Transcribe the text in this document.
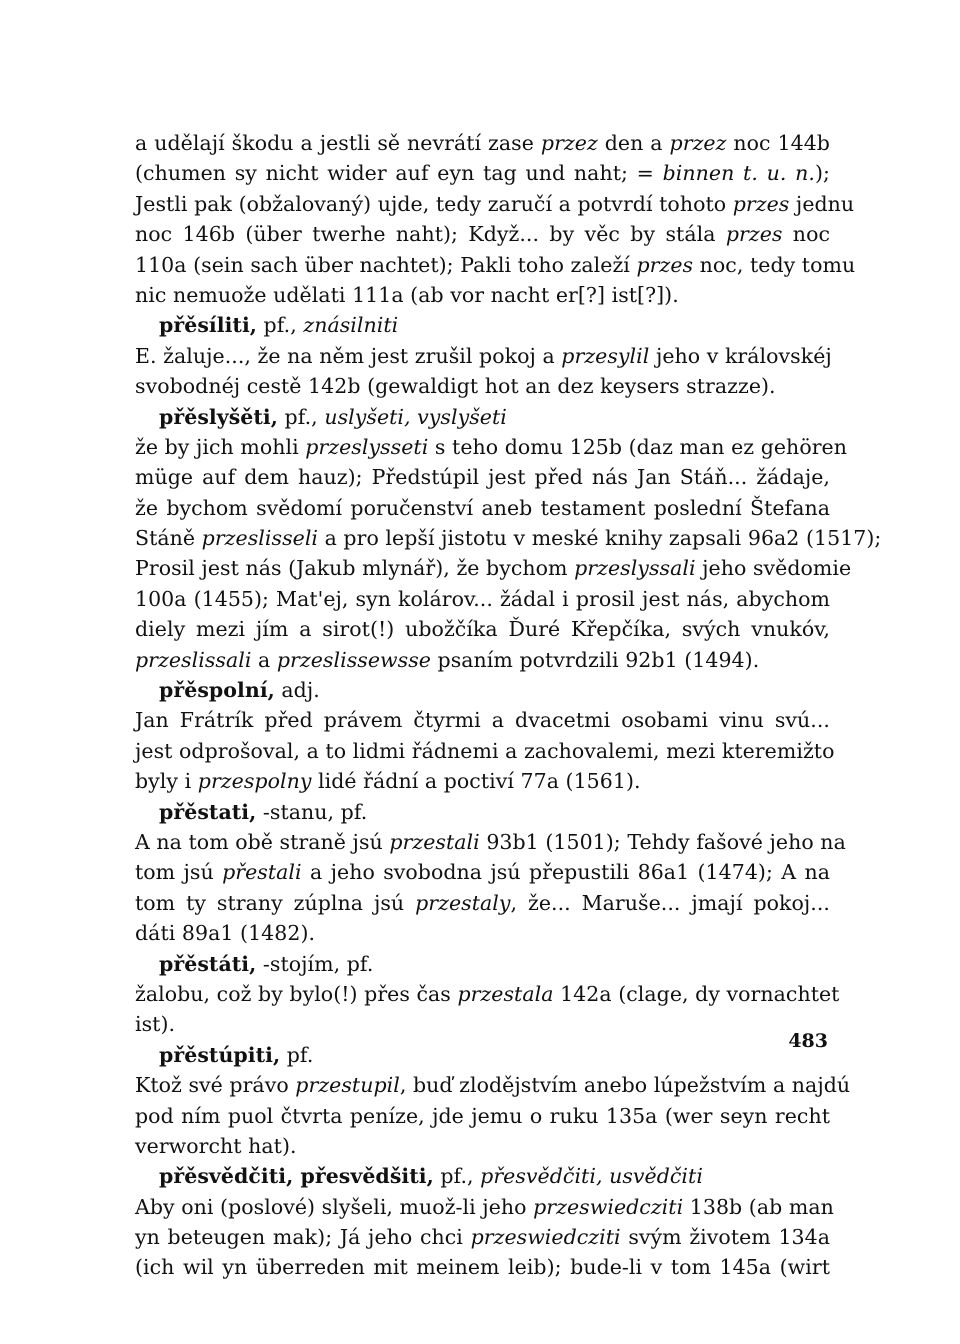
a udělají škodu a jestli sě nevrátí zase przez den a przez noc 144b
(chumen sy nicht wider auf eyn tag und naht; = binnen t. u. n.);
Jestli pak (obžalovaný) ujde, tedy zaručí a potvrdí tohoto przes jednu
noc 146b (über twerhe naht); Když... by věc by stála przes noc
110a (sein sach über nachtet); Pakli toho zaleží przes noc, tedy tomu
nic nemuože udělati 111a (ab vor nacht er[?] ist[?]).
přěsíliti, pf., znásilniti
E. žaluje..., že na něm jest zrušil pokoj a przesylil jeho v královskéj
svobodnéj cestě 142b (gewaldigt hot an dez keysers strazze).
přěslyšěti, pf., uslyšeti, vyslyšeti
že by jich mohli przeslysseti s teho domu 125b (daz man ez gehören
müge auf dem hauz); Předstúpil jest před nás Jan Stáň... žádaje,
že bychom svědomí poručenství aneb testament poslední Štefana
Stáně przeslisseli a pro lepší jistotu v meské knihy zapsali 96a2 (1517);
Prosil jest nás (Jakub mlynář), že bychom przeslyssali jeho svědomie
100a (1455); Mat'ej, syn kolárov... žádal i prosil jest nás, abychom
diely mezi jím a sirot(!) ubožčíka Ďuré Křepčíka, svých vnukóv,
przeslissali a przeslissewsse psaním potvrdzili 92b1 (1494).
přěspolní, adj.
Jan Frátrík před právem čtyrmi a dvacetmi osobami vinu svú...
jest odprošoval, a to lidmi řádnemi a zachovalemi, mezi kteremižto
byly i przespolny lidé řádní a poctiví 77a (1561).
přěstati, -stanu, pf.
A na tom obě straně jsú przestali 93b1 (1501); Tehdy fašové jeho na
tom jsú přestali a jeho svobodna jsú přepustili 86a1 (1474); A na
tom ty strany zúplna jsú przestaly, že... Maruše... jmají pokoj...
dáti 89a1 (1482).
přěstáti, -stojím, pf.
žalobu, což by bylo(!) přes čas przestala 142a (clage, dy vornachtet
ist).
přěstúpiti, pf.
Ktož své právo przestupil, buď zlodějstvím anebo lúpežstvím a najdú
pod ním puol čtvrta peníze, jde jemu o ruku 135a (wer seyn recht
verworcht hat).
přěsvědčiti, přesvědšiti, pf., přesvědčiti, usvědčiti
Aby oni (poslové) slyšeli, muož-li jeho przeswiedcziti 138b (ab man
yn beteugen mak); Já jeho chci przeswiedcziti svým životem 134a
(ich wil yn überreden mit meinem leib); bude-li v tom 145a (wirt
483
